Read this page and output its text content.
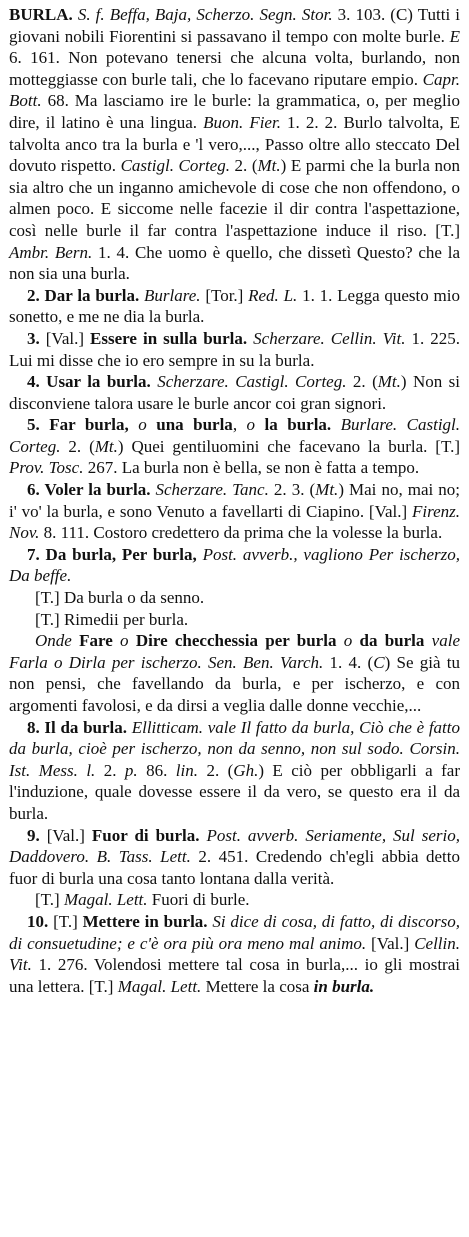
BURLA. S. f. Beffa, Baja, Scherzo. Segn. Stor. 3. 103. (C) Tutti i giovani nobili Fiorentini si passavano il tempo con molte burle. E 6. 161. Non potevano tenersi che alcuna volta, burlando, non motteggiasse con burle tali, che lo facevano riputare empio. Capr. Bott. 68. Ma lasciamo ire le burle: la grammatica, o, per meglio dire, il latino è una lingua. Buon. Fier. 1. 2. 2. Burlo talvolta, E talvolta anco tra la burla e 'l vero,..., Passo oltre allo steccato Del dovuto rispetto. Castigl. Corteg. 2. (Mt.) E parmi che la burla non sia altro che un inganno amichevole di cose che non offendono, o almen poco. E siccome nelle facezie il dir contra l'aspettazione, così nelle burle il far contra l'aspettazione induce il riso. [T.] Ambr. Bern. 1. 4. Che uomo è quello, che dissetì Questo? che la non sia una burla.

2. Dar la burla. Burlare. [Tor.] Red. L. 1. 1. Legga questo mio sonetto, e me ne dia la burla.

3. [Val.] Essere in sulla burla. Scherzare. Cellin. Vit. 1. 225. Lui mi disse che io ero sempre in su la burla.

4. Usar la burla. Scherzare. Castigl. Corteg. 2. (Mt.) Non si disconviene talora usare le burle ancor coi gran signori.

5. Far burla, o una burla, o la burla. Burlare. Castigl. Corteg. 2. (Mt.) Quei gentiluomini che facevano la burla. [T.] Prov. Tosc. 267. La burla non è bella, se non è fatta a tempo.

6. Voler la burla. Scherzare. Tanc. 2. 3. (Mt.) Mai no, mai no; i' vo' la burla, e sono Venuto a favellarti di Ciapino. [Val.] Firenz. Nov. 8. 111. Costoro credettero da prima che la volesse la burla.

7. Da burla, Per burla, Post. avverb., vagliono Per ischerzo, Da beffe.

[T.] Da burla o da senno.

[T.] Rimedii per burla.

Onde Fare o Dire checchessia per burla o da burla vale Farla o Dirla per ischerzo. Sen. Ben. Varch. 1. 4. (C) Se già tu non pensi, che favellando da burla, e per ischerzo, e con argomenti favolosi, e da dirsi a veglia dalle donne vecchie,...

8. Il da burla. Ellitticam. vale Il fatto da burla, Ciò che è fatto da burla, cioè per ischerzo, non da senno, non sul sodo. Corsin. Ist. Mess. l. 2. p. 86. lin. 2. (Gh.) E ciò per obbligarli a far l'induzione, quale dovesse essere il da vero, se questo era il da burla.

9. [Val.] Fuor di burla. Post. avverb. Seriamente, Sul serio, Daddovero. B. Tass. Lett. 2. 451. Credendo ch'egli abbia detto fuor di burla una cosa tanto lontana dalla verità.

[T.] Magal. Lett. Fuori di burle.

10. [T.] Mettere in burla. Si dice di cosa, di fatto, di discorso, di consuetudine; e c'è ora più ora meno mal animo. [Val.] Cellin. Vit. 1. 276. Volendosi mettere tal cosa in burla,... io gli mostrai una lettera. [T.] Magal. Lett. Mettere la cosa in burla.
